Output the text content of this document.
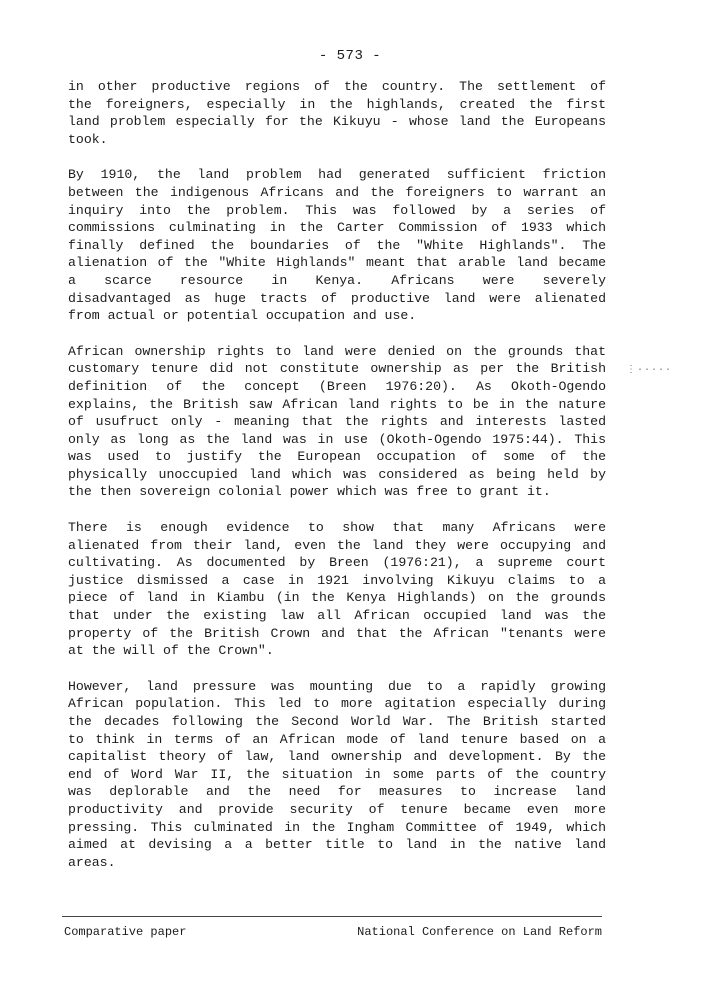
- 573 -
in other productive regions of the country. The settlement of
the foreigners, especially in the highlands, created the first
land problem especially for the Kikuyu - whose land the Europeans
took.
By 1910, the land problem had generated sufficient friction
between the indigenous Africans and the foreigners to warrant an
inquiry into the problem. This was followed by a series of
commissions culminating in the Carter Commission of 1933 which
finally defined the boundaries of the "White Highlands". The
alienation of the "White Highlands" meant that arable land became
a scarce resource in Kenya. Africans were severely
disadvantaged as huge tracts of productive land were alienated
from actual or potential occupation and use.
African ownership rights to land were denied on the grounds that
customary tenure did not constitute ownership as per the British
definition of the concept (Breen 1976:20). As Okoth-Ogendo
explains, the British saw African land rights to be in the nature
of usufruct only - meaning that the rights and interests lasted
only as long as the land was in use (Okoth-Ogendo 1975:44). This
was used to justify the European occupation of some of the
physically unoccupied land which was considered as being held by
the then sovereign colonial power which was free to grant it.
There is enough evidence to show that many Africans were
alienated from their land, even the land they were occupying and
cultivating. As documented by Breen (1976:21), a supreme court
justice dismissed a case in 1921 involving Kikuyu claims to a
piece of land in Kiambu (in the Kenya Highlands) on the grounds
that under the existing law all African occupied land was the
property of the British Crown and that the African "tenants were
at the will of the Crown".
However, land pressure was mounting due to a rapidly growing
African population. This led to more agitation especially during
the decades following the Second World War. The British started
to think in terms of an African mode of land tenure based on a
capitalist theory of law, land ownership and development. By the
end of Word War II, the situation in some parts of the country
was deplorable and the need for measures to increase land
productivity and provide security of tenure became even more
pressing. This culminated in the Ingham Committee of 1949, which
aimed at devising a a better title to land in the native land
areas.
⋮·····
Comparative paper	National Conference on Land Reform
